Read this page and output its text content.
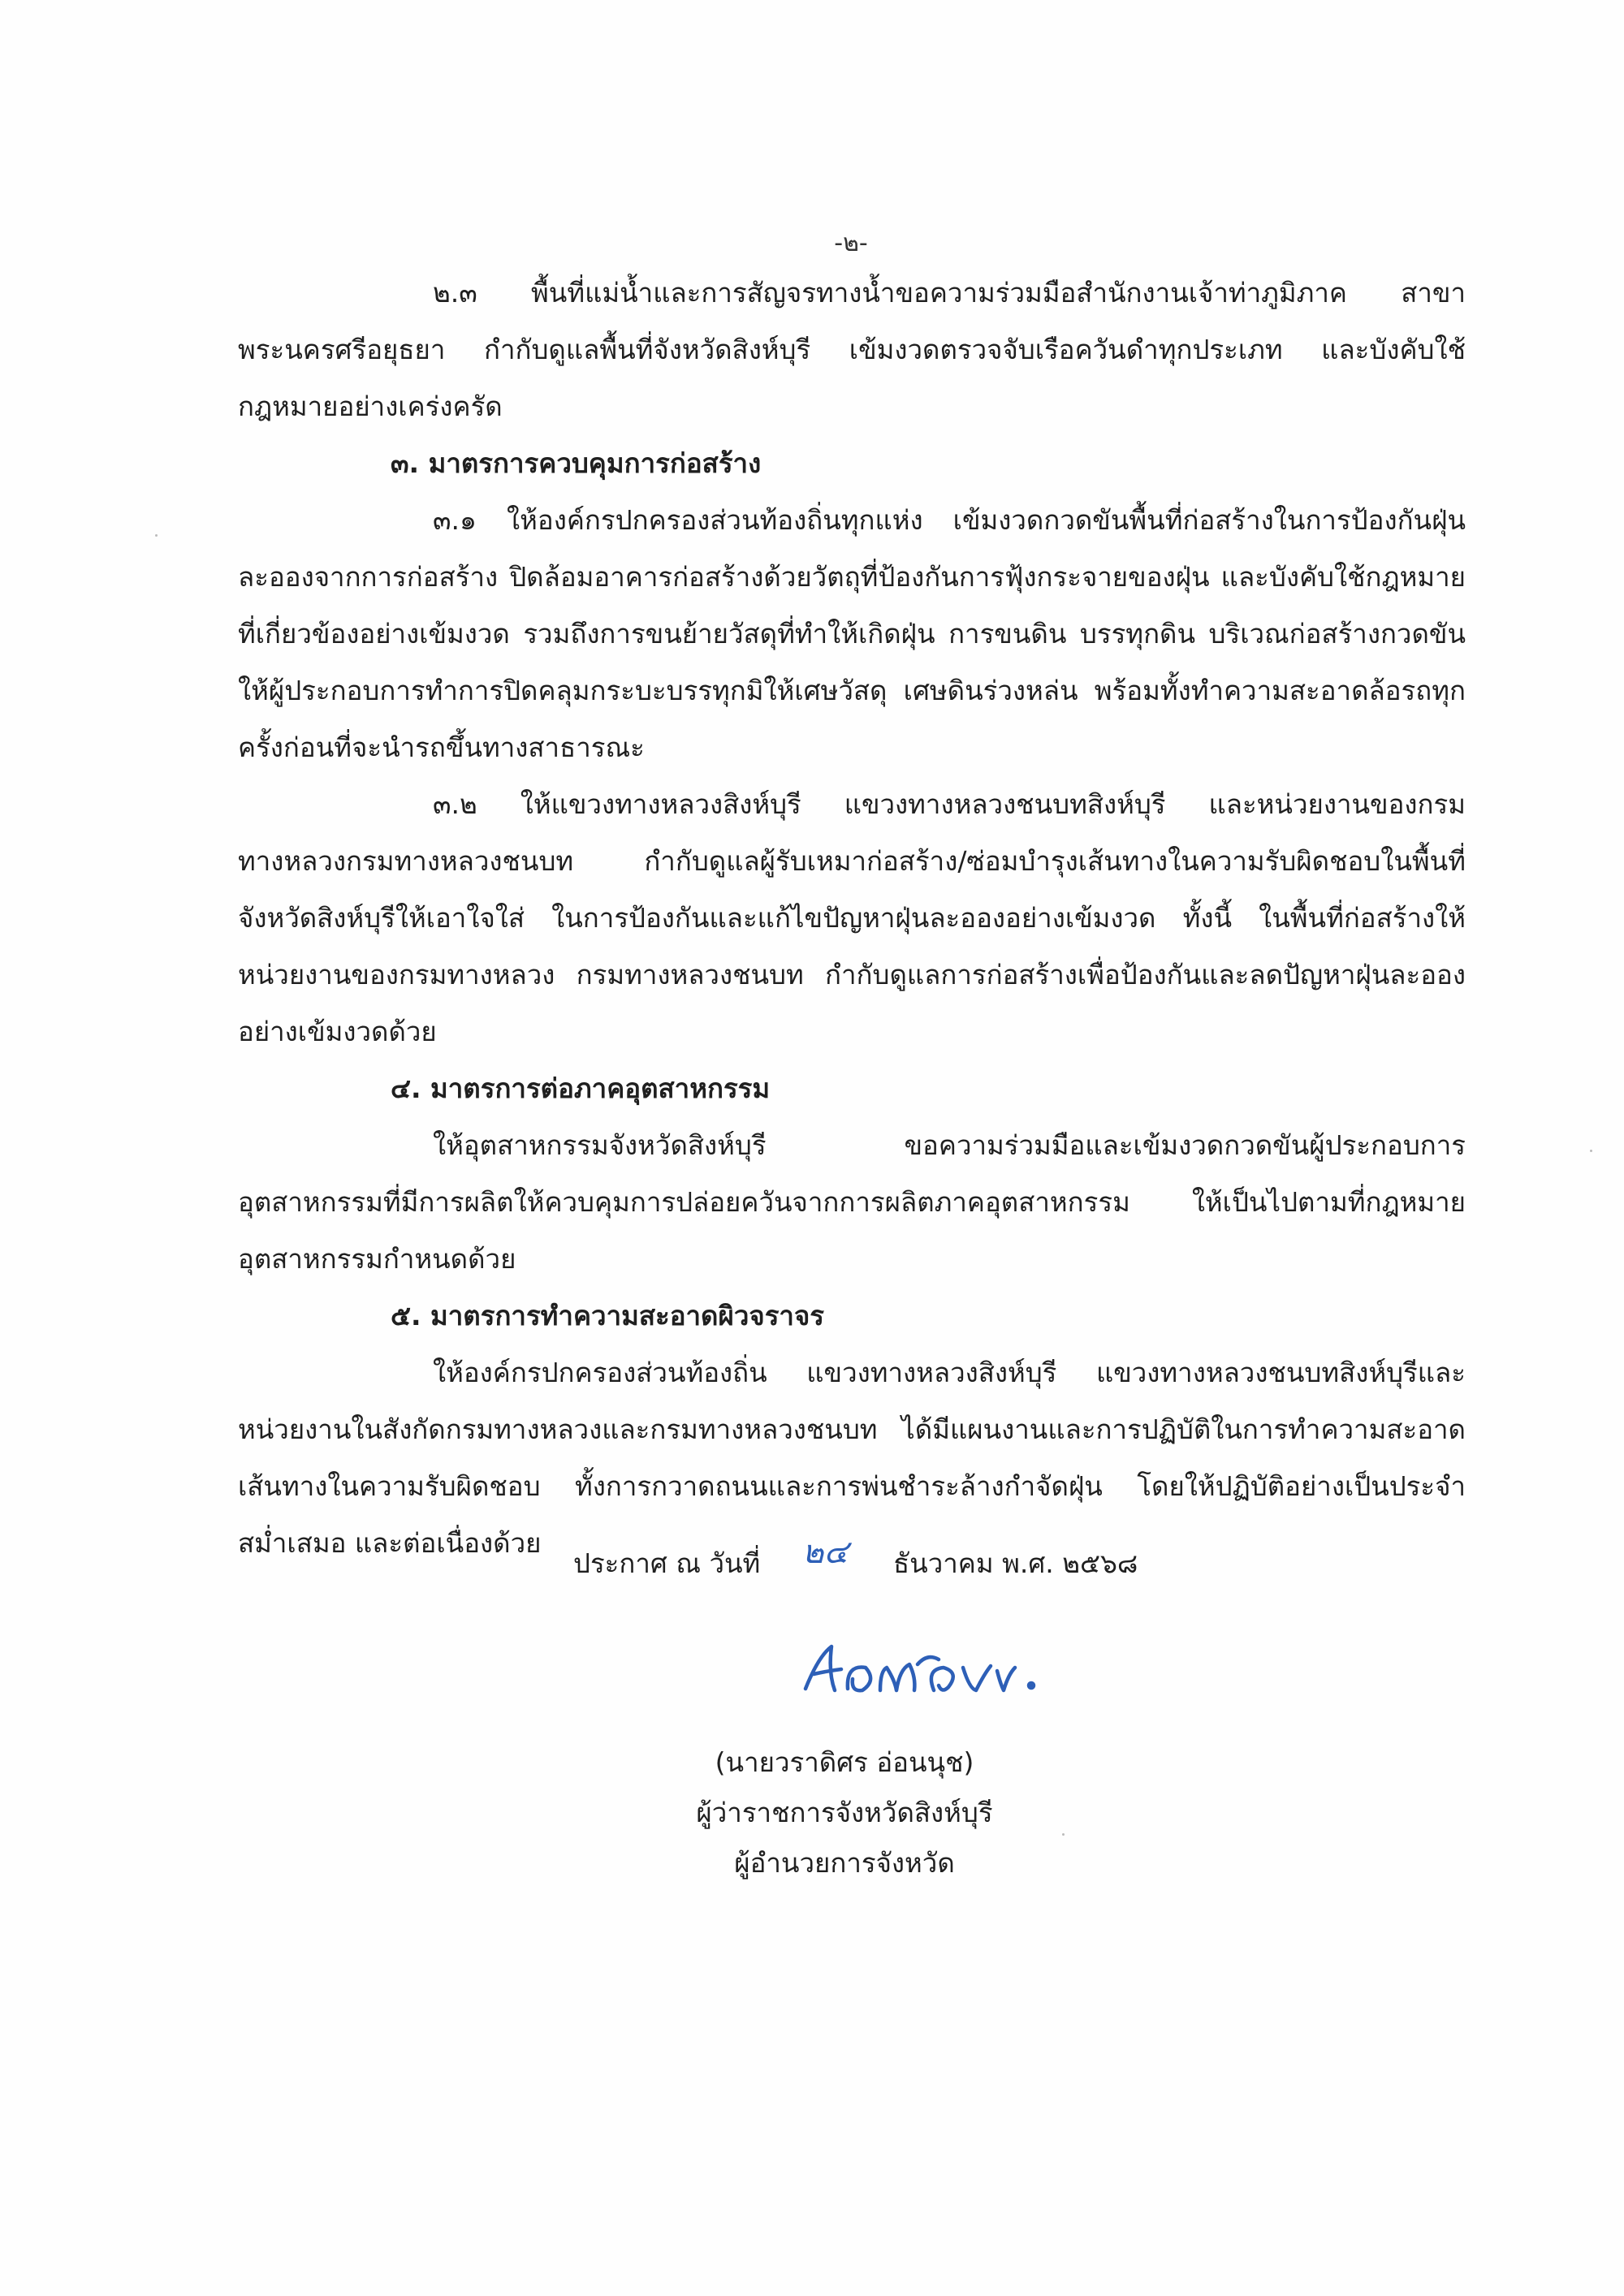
-๒-

๒.๓ พื้นที่แม่น้ำและการสัญจรทางน้ำขอความร่วมมือสำนักงานเจ้าท่าภูมิภาค สาขาพระนครศรีอยุธยา กำกับดูแลพื้นที่จังหวัดสิงห์บุรี เข้มงวดตรวจจับเรือควันดำทุกประเภท และบังคับใช้กฎหมายอย่างเคร่งครัด

๓. มาตรการควบคุมการก่อสร้าง

๓.๑ ให้องค์กรปกครองส่วนท้องถิ่นทุกแห่ง เข้มงวดกวดขันพื้นที่ก่อสร้างในการป้องกันฝุ่นละอองจากการก่อสร้าง ปิดล้อมอาคารก่อสร้างด้วยวัตถุที่ป้องกันการฟุ้งกระจายของฝุ่น และบังคับใช้กฎหมายที่เกี่ยวข้องอย่างเข้มงวด รวมถึงการขนย้ายวัสดุที่ทำให้เกิดฝุ่น การขนดิน บรรทุกดิน บริเวณก่อสร้างกวดขันให้ผู้ประกอบการทำการปิดคลุมกระบะบรรทุกมิให้เศษวัสดุ เศษดินร่วงหล่น พร้อมทั้งทำความสะอาดล้อรถทุกครั้งก่อนที่จะนำรถขึ้นทางสาธารณะ

๓.๒ ให้แขวงทางหลวงสิงห์บุรี แขวงทางหลวงชนบทสิงห์บุรี และหน่วยงานของกรมทางหลวงกรมทางหลวงชนบท กำกับดูแลผู้รับเหมาก่อสร้าง/ซ่อมบำรุงเส้นทางในความรับผิดชอบในพื้นที่จังหวัดสิงห์บุรีให้เอาใจใส่ ในการป้องกันและแก้ไขปัญหาฝุ่นละอองอย่างเข้มงวด ทั้งนี้ ในพื้นที่ก่อสร้างให้หน่วยงานของกรมทางหลวง กรมทางหลวงชนบท กำกับดูแลการก่อสร้างเพื่อป้องกันและลดปัญหาฝุ่นละอองอย่างเข้มงวดด้วย

๔. มาตรการต่อภาคอุตสาหกรรม

ให้อุตสาหกรรมจังหวัดสิงห์บุรี ขอความร่วมมือและเข้มงวดกวดขันผู้ประกอบการอุตสาหกรรมที่มีการผลิตให้ควบคุมการปล่อยควันจากการผลิตภาคอุตสาหกรรม ให้เป็นไปตามที่กฎหมายอุตสาหกรรมกำหนดด้วย

๕. มาตรการทำความสะอาดผิวจราจร

ให้องค์กรปกครองส่วนท้องถิ่น แขวงทางหลวงสิงห์บุรี แขวงทางหลวงชนบทสิงห์บุรีและหน่วยงานในสังกัดกรมทางหลวงและกรมทางหลวงชนบท ได้มีแผนงานและการปฏิบัติในการทำความสะอาดเส้นทางในความรับผิดชอบ ทั้งการกวาดถนนและการพ่นชำระล้างกำจัดฝุ่น โดยให้ปฏิบัติอย่างเป็นประจำสม่ำเสมอ และต่อเนื่องด้วย

ประกาศ ณ วันที่ ๒๔ ธันวาคม พ.ศ. ๒๕๖๘
(นายวราดิศร อ่อนนุช)
ผู้ว่าราชการจังหวัดสิงห์บุรี
ผู้อำนวยการจังหวัด
